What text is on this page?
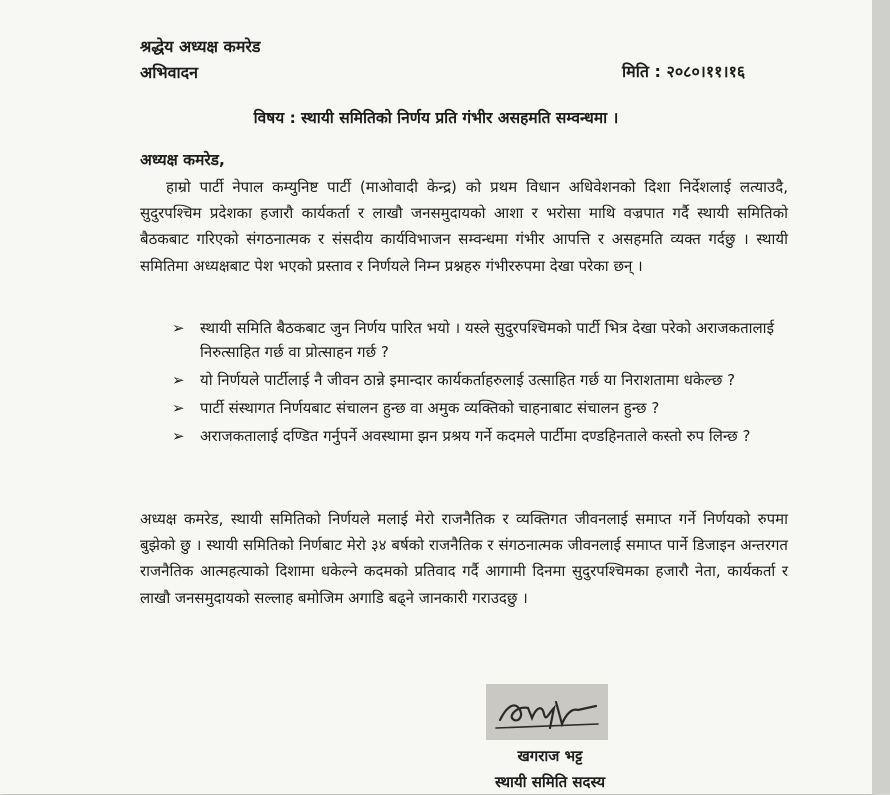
श्रद्धेय अध्यक्ष कमरेड
अभिवादन	मिति : २०८०।११।१६
विषय : स्थायी समितिको निर्णय प्रति गंभीर असहमति सम्वन्धमा ।
अध्यक्ष कमरेड,
हाम्रो पार्टी नेपाल कम्युनिष्ट पार्टी (माओवादी केन्द्र) को प्रथम विधान अधिवेशनको दिशा निर्देशलाई लत्याउदै, सुदुरपश्चिम प्रदेशका हजारौ कार्यकर्ता र लाखौ जनसमुदायको आशा र भरोसा माथि वज्रपात गर्दै स्थायी समितिको बैठकबाट गरिएको संगठनात्मक र संसदीय कार्यविभाजन सम्वन्धमा गंभीर आपत्ति र असहमति व्यक्त गर्दछु । स्थायी समितिमा अध्यक्षबाट पेश भएको प्रस्ताव र निर्णयले निम्न प्रश्नहरु गंभीररुपमा देखा परेका छन् ।
➢ स्थायी समिति बैठकबाट जुन निर्णय पारित भयो । यस्ले सुदुरपश्चिमको पार्टी भित्र देखा परेको अराजकतालाई निरुत्साहित गर्छ वा प्रोत्साहन गर्छ ?
➢ यो निर्णयले पार्टीलाई नै जीवन ठान्ने इमान्दार कार्यकर्ताहरुलाई उत्साहित गर्छ या निराशतामा धकेल्छ ?
➢ पार्टी संस्थागत निर्णयबाट संचालन हुन्छ वा अमुक व्यक्तिको चाहनाबाट संचालन हुन्छ ?
➢ अराजकतालाई दण्डित गर्नुपर्ने अवस्थामा झन प्रश्रय गर्ने कदमले पार्टीमा दण्डहिनताले कस्तो रुप लिन्छ ?
अध्यक्ष कमरेड, स्थायी समितिको निर्णयले मलाई मेरो राजनैतिक र व्यक्तिगत जीवनलाई समाप्त गर्ने निर्णयको रुपमा बुझेको छु । स्थायी समितिको निर्णबाट मेरो ३४ बर्षको राजनैतिक र संगठनात्मक जीवनलाई समाप्त पार्ने डिजाइन अन्तरगत राजनैतिक आत्महत्याको दिशामा धकेल्ने कदमको प्रतिवाद गर्दै आगामी दिनमा सुदुरपश्चिमका हजारौ नेता, कार्यकर्ता र लाखौ जनसमुदायको सल्लाह बमोजिम अगाडि बढ्ने जानकारी गराउदछु ।
खगराज भट्ट
स्थायी समिति सदस्य
